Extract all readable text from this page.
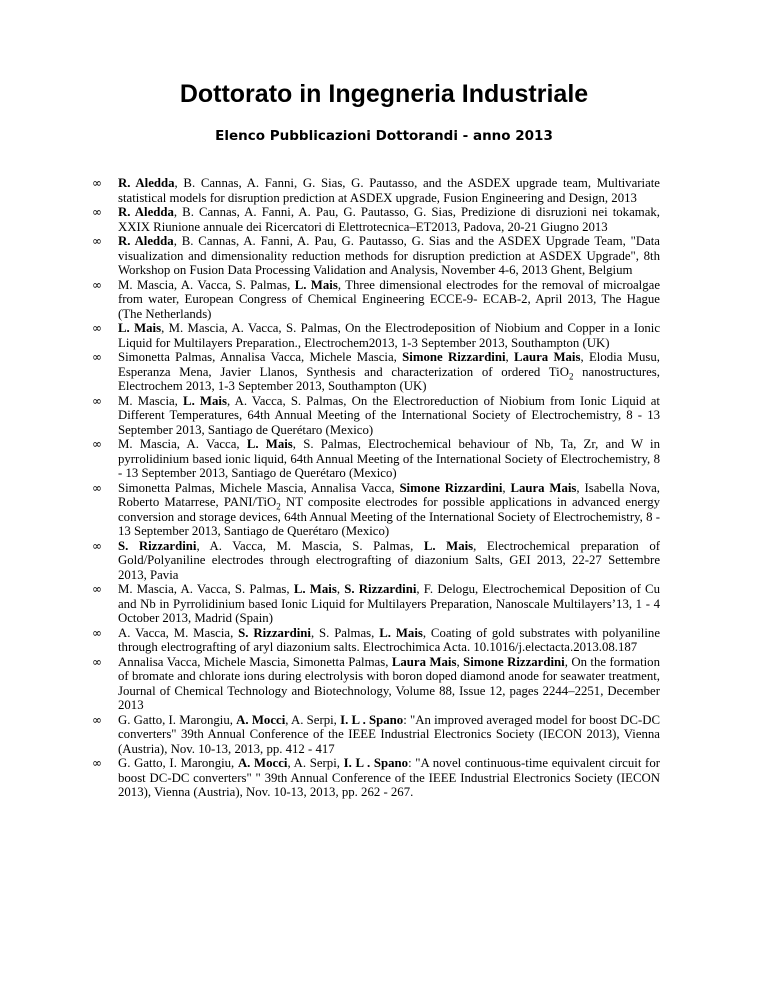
Dottorato in Ingegneria Industriale
Elenco Pubblicazioni Dottorandi - anno 2013
∞ R. Aledda, B. Cannas, A. Fanni, G. Sias, G. Pautasso, and the ASDEX upgrade team, Multivariate statistical models for disruption prediction at ASDEX upgrade, Fusion Engineering and Design, 2013
∞ R. Aledda, B. Cannas, A. Fanni, A. Pau, G. Pautasso, G. Sias, Predizione di disruzioni nei tokamak, XXIX Riunione annuale dei Ricercatori di Elettrotecnica–ET2013, Padova, 20-21 Giugno 2013
∞ R. Aledda, B. Cannas, A. Fanni, A. Pau, G. Pautasso, G. Sias and the ASDEX Upgrade Team, "Data visualization and dimensionality reduction methods for disruption prediction at ASDEX Upgrade", 8th Workshop on Fusion Data Processing Validation and Analysis, November 4-6, 2013 Ghent, Belgium
∞ M. Mascia, A. Vacca, S. Palmas, L. Mais, Three dimensional electrodes for the removal of microalgae from water, European Congress of Chemical Engineering ECCE-9- ECAB-2, April 2013, The Hague (The Netherlands)
∞ L. Mais, M. Mascia, A. Vacca, S. Palmas, On the Electrodeposition of Niobium and Copper in a Ionic Liquid for Multilayers Preparation., Electrochem2013, 1-3 September 2013, Southampton (UK)
∞ Simonetta Palmas, Annalisa Vacca, Michele Mascia, Simone Rizzardini, Laura Mais, Elodia Musu, Esperanza Mena, Javier Llanos, Synthesis and characterization of ordered TiO$_2$ nanostructures, Electrochem 2013, 1-3 September 2013, Southampton (UK)
∞ M. Mascia, L. Mais, A. Vacca, S. Palmas, On the Electroreduction of Niobium from Ionic Liquid at Different Temperatures, 64th Annual Meeting of the International Society of Electrochemistry, 8 - 13 September 2013, Santiago de Querétaro (Mexico)
∞ M. Mascia, A. Vacca, L. Mais, S. Palmas, Electrochemical behaviour of Nb, Ta, Zr, and W in pyrrolidinium based ionic liquid, 64th Annual Meeting of the International Society of Electrochemistry, 8 - 13 September 2013, Santiago de Querétaro (Mexico)
∞ Simonetta Palmas, Michele Mascia, Annalisa Vacca, Simone Rizzardini, Laura Mais, Isabella Nova, Roberto Matarrese, PANI/TiO$_2$ NT composite electrodes for possible applications in advanced energy conversion and storage devices, 64th Annual Meeting of the International Society of Electrochemistry, 8 - 13 September 2013, Santiago de Querétaro (Mexico)
∞ S. Rizzardini, A. Vacca, M. Mascia, S. Palmas, L. Mais, Electrochemical preparation of Gold/Polyaniline electrodes through electrografting of diazonium Salts, GEI 2013, 22-27 Settembre 2013, Pavia
∞ M. Mascia, A. Vacca, S. Palmas, L. Mais, S. Rizzardini, F. Delogu, Electrochemical Deposition of Cu and Nb in Pyrrolidinium based Ionic Liquid for Multilayers Preparation, Nanoscale Multilayers’13, 1 - 4 October 2013, Madrid (Spain)
∞ A. Vacca, M. Mascia, S. Rizzardini, S. Palmas, L. Mais, Coating of gold substrates with polyaniline through electrografting of aryl diazonium salts. Electrochimica Acta. 10.1016/j.electacta.2013.08.187
∞ Annalisa Vacca, Michele Mascia, Simonetta Palmas, Laura Mais, Simone Rizzardini, On the formation of bromate and chlorate ions during electrolysis with boron doped diamond anode for seawater treatment, Journal of Chemical Technology and Biotechnology, Volume 88, Issue 12, pages 2244–2251, December 2013
∞ G. Gatto, I. Marongiu, A. Mocci, A. Serpi, I. L . Spano: "An improved averaged model for boost DC-DC converters" 39th Annual Conference of the IEEE Industrial Electronics Society (IECON 2013), Vienna (Austria), Nov. 10-13, 2013, pp. 412 - 417
∞ G. Gatto, I. Marongiu, A. Mocci, A. Serpi, I. L . Spano: "A novel continuous-time equivalent circuit for boost DC-DC converters" " 39th Annual Conference of the IEEE Industrial Electronics Society (IECON 2013), Vienna (Austria), Nov. 10-13, 2013, pp. 262 - 267.
